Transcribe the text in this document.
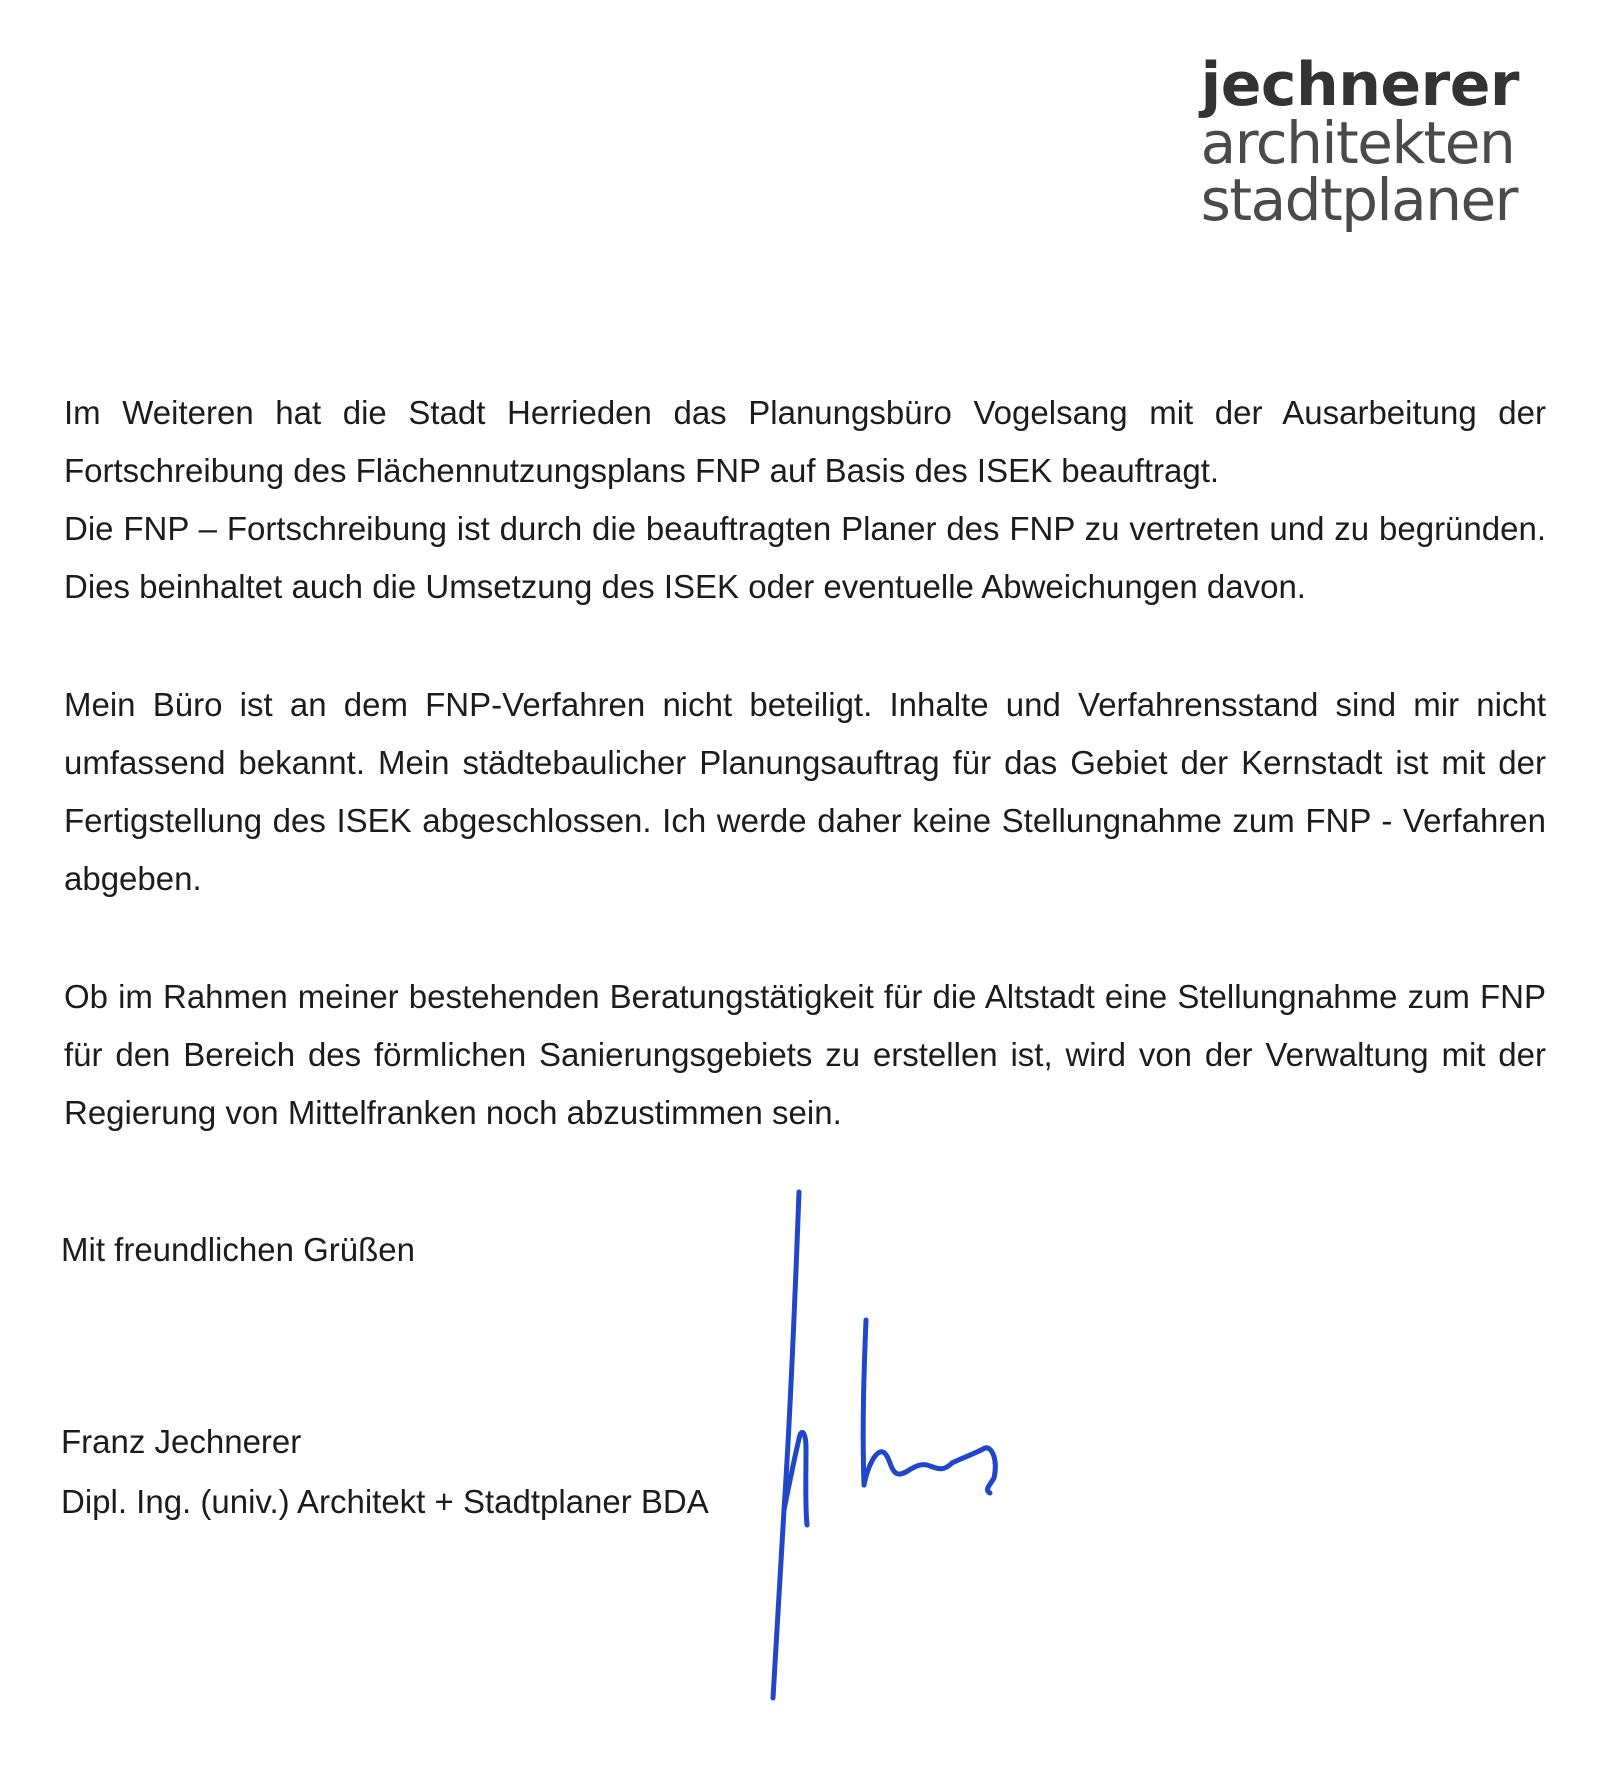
jechnerer
architekten
stadtplaner

Im Weiteren hat die Stadt Herrieden das Planungsbüro Vogelsang mit der Ausarbeitung der Fortschreibung des Flächennutzungsplans FNP auf Basis des ISEK beauftragt.

Die FNP – Fortschreibung ist durch die beauftragten Planer des FNP zu vertreten und zu begründen. Dies beinhaltet auch die Umsetzung des ISEK oder eventuelle Abweichungen davon.

Mein Büro ist an dem FNP-Verfahren nicht beteiligt. Inhalte und Verfahrensstand sind mir nicht umfassend bekannt. Mein städtebaulicher Planungsauftrag für das Gebiet der Kernstadt ist mit der Fertigstellung des ISEK abgeschlossen. Ich werde daher keine Stellungnahme zum FNP - Verfahren abgeben.

Ob im Rahmen meiner bestehenden Beratungstätigkeit für die Altstadt eine Stellungnahme zum FNP für den Bereich des förmlichen Sanierungsgebiets zu erstellen ist, wird von der Verwaltung mit der Regierung von Mittelfranken noch abzustimmen sein.

Mit freundlichen Grüßen
Franz Jechnerer
Dipl. Ing. (univ.) Architekt + Stadtplaner BDA
